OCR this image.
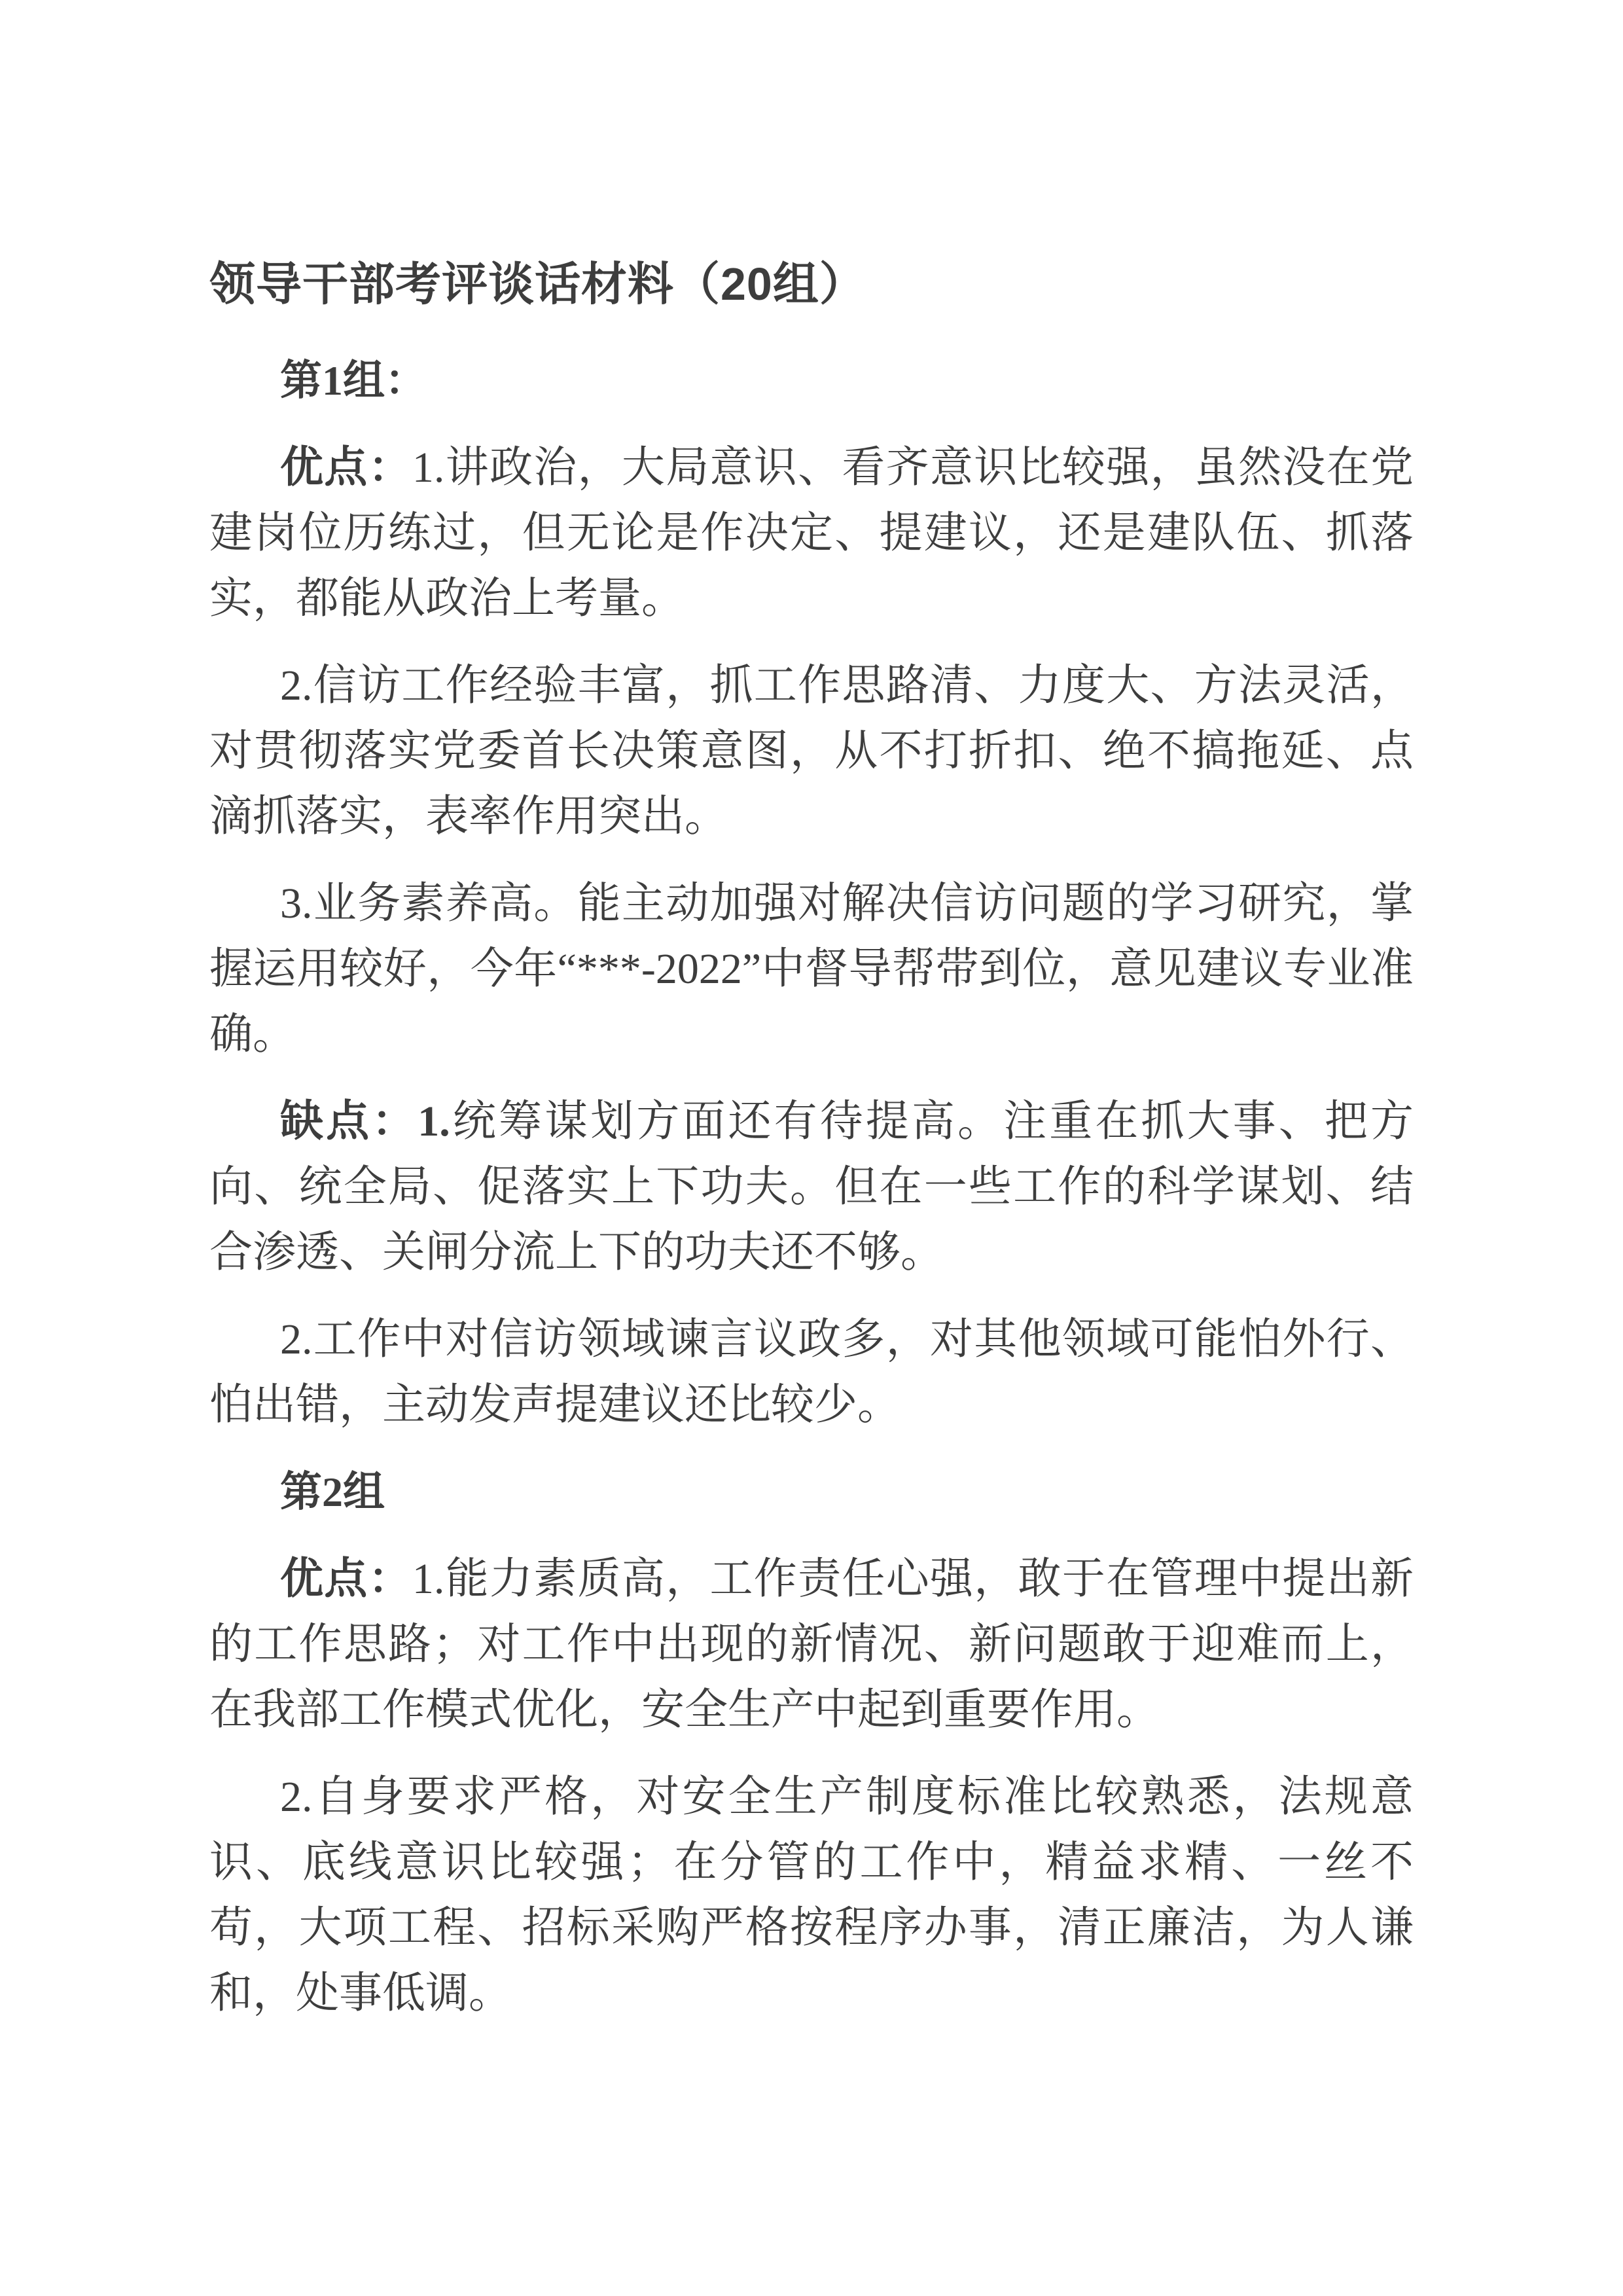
领导干部考评谈话材料（20组）
第1组：

优点：1.讲政治，大局意识、看齐意识比较强，虽然没在党建岗位历练过，但无论是作决定、提建议，还是建队伍、抓落实，都能从政治上考量。

2.信访工作经验丰富，抓工作思路清、力度大、方法灵活，对贯彻落实党委首长决策意图，从不打折扣、绝不搞拖延、点滴抓落实，表率作用突出。

3.业务素养高。能主动加强对解决信访问题的学习研究，掌握运用较好，今年“***-2022”中督导帮带到位，意见建议专业准确。

缺点：1.统筹谋划方面还有待提高。注重在抓大事、把方向、统全局、促落实上下功夫。但在一些工作的科学谋划、结合渗透、关闸分流上下的功夫还不够。

2.工作中对信访领域谏言议政多，对其他领域可能怕外行、怕出错，主动发声提建议还比较少。

第2组

优点：1.能力素质高，工作责任心强，敢于在管理中提出新的工作思路；对工作中出现的新情况、新问题敢于迎难而上，在我部工作模式优化，安全生产中起到重要作用。

2.自身要求严格，对安全生产制度标准比较熟悉，法规意识、底线意识比较强；在分管的工作中，精益求精、一丝不苟，大项工程、招标采购严格按程序办事，清正廉洁，为人谦和，处事低调。
